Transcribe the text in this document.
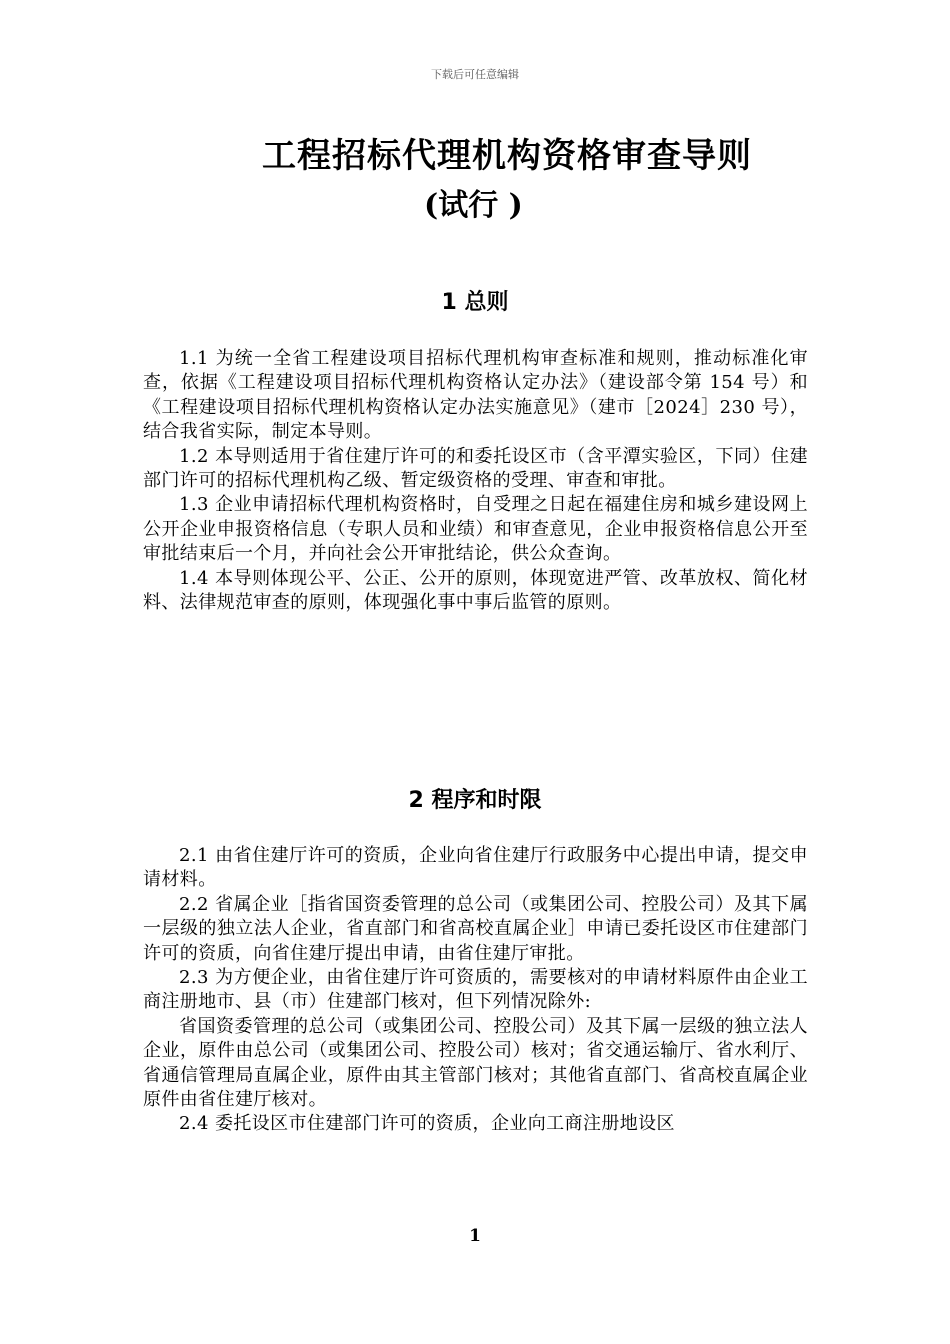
下载后可任意编辑
工程招标代理机构资格审查导则
(试行 )
1 总则

1.1 为统一全省工程建设项目招标代理机构审查标准和规则，推动标准化审查，依据《工程建设项目招标代理机构资格认定办法》（建设部令第 154 号）和《工程建设项目招标代理机构资格认定办法实施意见》（建市［2024］230 号），结合我省实际，制定本导则。

1.2 本导则适用于省住建厅许可的和委托设区市（含平潭实验区，下同）住建部门许可的招标代理机构乙级、暂定级资格的受理、审查和审批。

1.3 企业申请招标代理机构资格时，自受理之日起在福建住房和城乡建设网上公开企业申报资格信息（专职人员和业绩）和审查意见，企业申报资格信息公开至审批结束后一个月，并向社会公开审批结论，供公众查询。

1.4 本导则体现公平、公正、公开的原则，体现宽进严管、改革放权、简化材料、法律规范审查的原则，体现强化事中事后监管的原则。

2 程序和时限

2.1 由省住建厅许可的资质，企业向省住建厅行政服务中心提出申请，提交申请材料。

2.2 省属企业［指省国资委管理的总公司（或集团公司、控股公司）及其下属一层级的独立法人企业，省直部门和省高校直属企业］申请已委托设区市住建部门许可的资质，向省住建厅提出申请，由省住建厅审批。

2.3 为方便企业，由省住建厅许可资质的，需要核对的申请材料原件由企业工商注册地市、县（市）住建部门核对，但下列情况除外:

省国资委管理的总公司（或集团公司、控股公司）及其下属一层级的独立法人企业，原件由总公司（或集团公司、控股公司）核对；省交通运输厅、省水利厅、省通信管理局直属企业，原件由其主管部门核对；其他省直部门、省高校直属企业原件由省住建厅核对。

2.4 委托设区市住建部门许可的资质，企业向工商注册地设区

1
